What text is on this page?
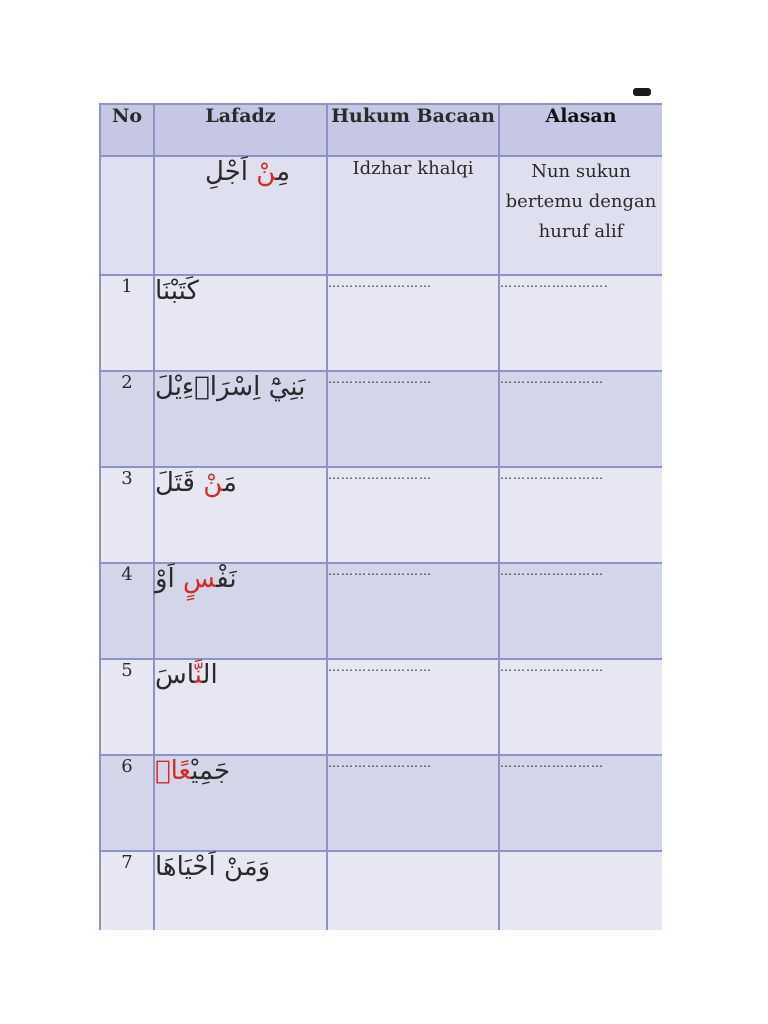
No	Lafadz	Hukum Bacaan	Alasan
	مِنْ اَجْلِ	Idzhar khalqi	Nun sukun bertemu dengan huruf alif
1	كَتَبْنَا	……………………	…………………….
2	بَنِي اِسْرَاۤءِيْلَ	……………………	……………………
3	مَنْ قَتَلَ	……………………	……………………
4	نَفْسٍ اَوْ	……………………	……………………
5	النَّاسَ	……………………	……………………
6	جَمِيْعًا	……………………	……………………
7	وَمَنْ اَحْيَاهَا		
